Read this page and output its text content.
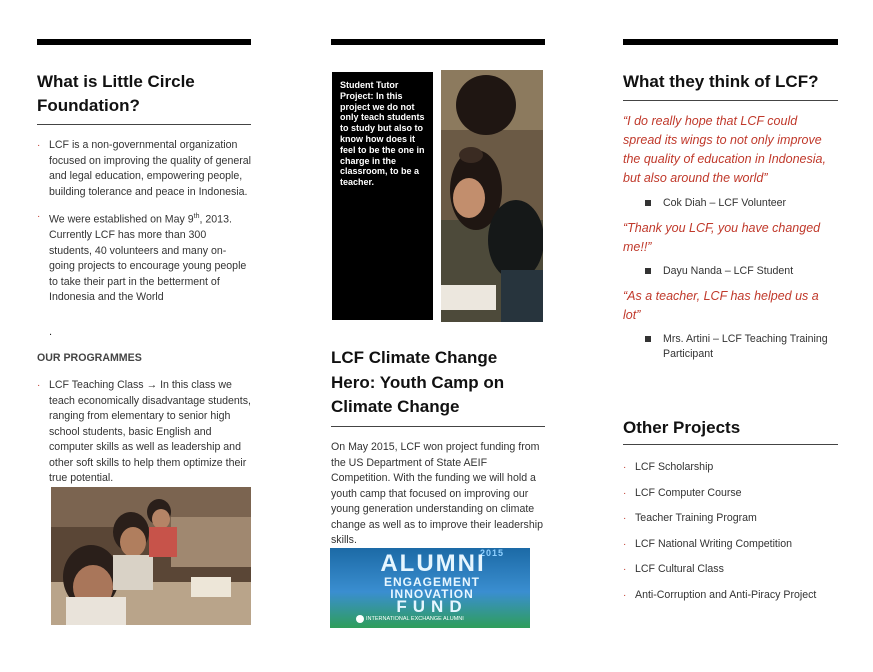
What is Little Circle Foundation?
· LCF is a non-governmental organization focused on improving the quality of general and legal education, empowering people, building tolerance and peace in Indonesia.
· We were established on May 9th, 2013. Currently LCF has more than 300 students, 40 volunteers and many on-going projects to encourage young people to take their part in the betterment of Indonesia and the World
.
OUR PROGRAMMES
· LCF Teaching Class → In this class we teach economically disadvantage students, ranging from elementary to senior high school students, basic English and computer skills as well as leadership and other soft skills to help them optimize their true potential.
Student Tutor Project: In this project we do not only teach students to study but also to know how does it feel to be the one in charge in the classroom, to be a teacher.
LCF Climate Change Hero: Youth Camp on Climate Change
On May 2015, LCF won project funding from the US Department of State AEIF Competition. With the funding we will hold a youth camp that focused on improving our young generation understanding on climate change as well as to improve their leadership skills.
2015
ALUMNI
ENGAGEMENT
INNOVATION
FUND
INTERNATIONAL EXCHANGE ALUMNI
What they think of LCF?
“I do really hope that LCF could spread its wings to not only improve the quality of education in Indonesia, but also around the world”
Cok Diah – LCF Volunteer
“Thank you LCF, you have changed me!!”
Dayu Nanda – LCF Student
“As a teacher, LCF has helped us a lot”
Mrs. Artini – LCF Teaching Training Participant
Other Projects
· LCF Scholarship
· LCF Computer Course
· Teacher Training Program
· LCF National Writing Competition
· LCF Cultural Class
· Anti-Corruption and Anti-Piracy Project
